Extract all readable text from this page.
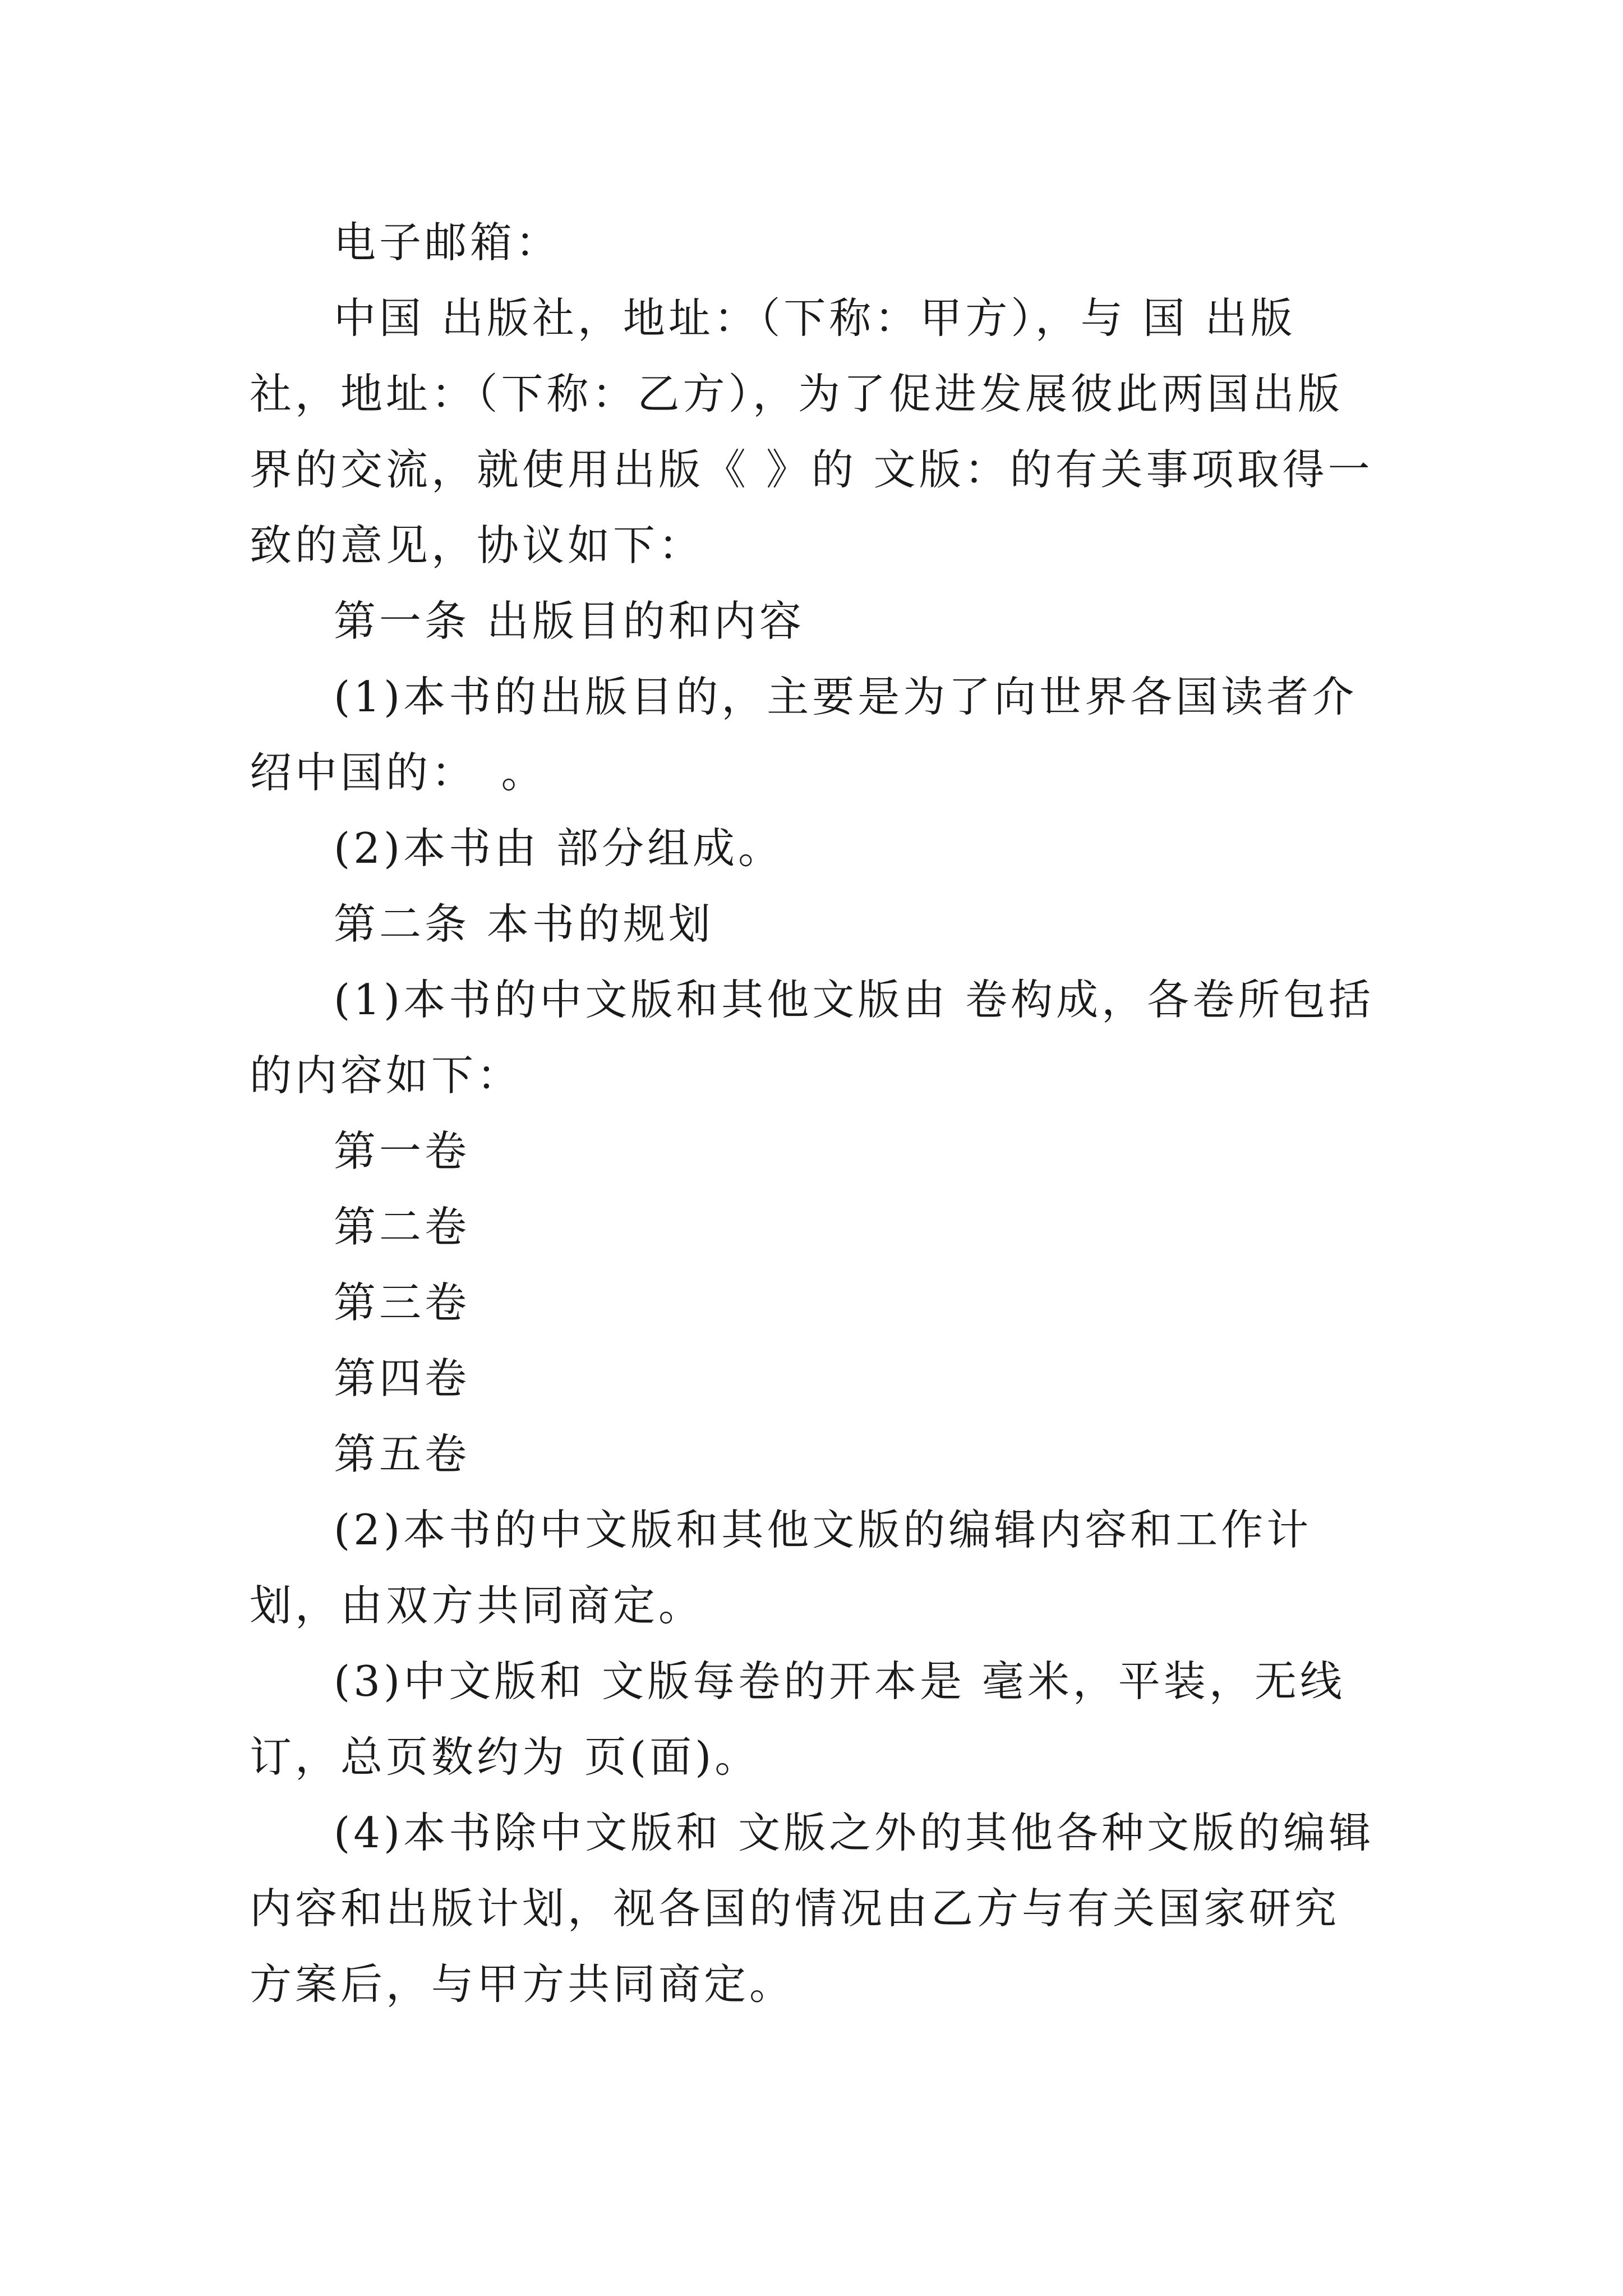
电子邮箱：

中国 出版社，地址：（下称：甲方），与 国 出版社，地址：（下称：乙方），为了促进发展彼此两国出版界的交流，就使用出版《 》的 文版：的有关事项取得一致的意见，协议如下：

第一条 出版目的和内容

(1)本书的出版目的，主要是为了向世界各国读者介绍中国的：　。

(2)本书由 部分组成。

第二条 本书的规划

(1)本书的中文版和其他文版由 卷构成，各卷所包括的内容如下：

第一卷

第二卷

第三卷

第四卷

第五卷

(2)本书的中文版和其他文版的编辑内容和工作计划，由双方共同商定。

(3)中文版和 文版每卷的开本是 毫米，平装，无线订，总页数约为 页(面)。

(4)本书除中文版和 文版之外的其他各种文版的编辑内容和出版计划，视各国的情况由乙方与有关国家研究方案后，与甲方共同商定。
